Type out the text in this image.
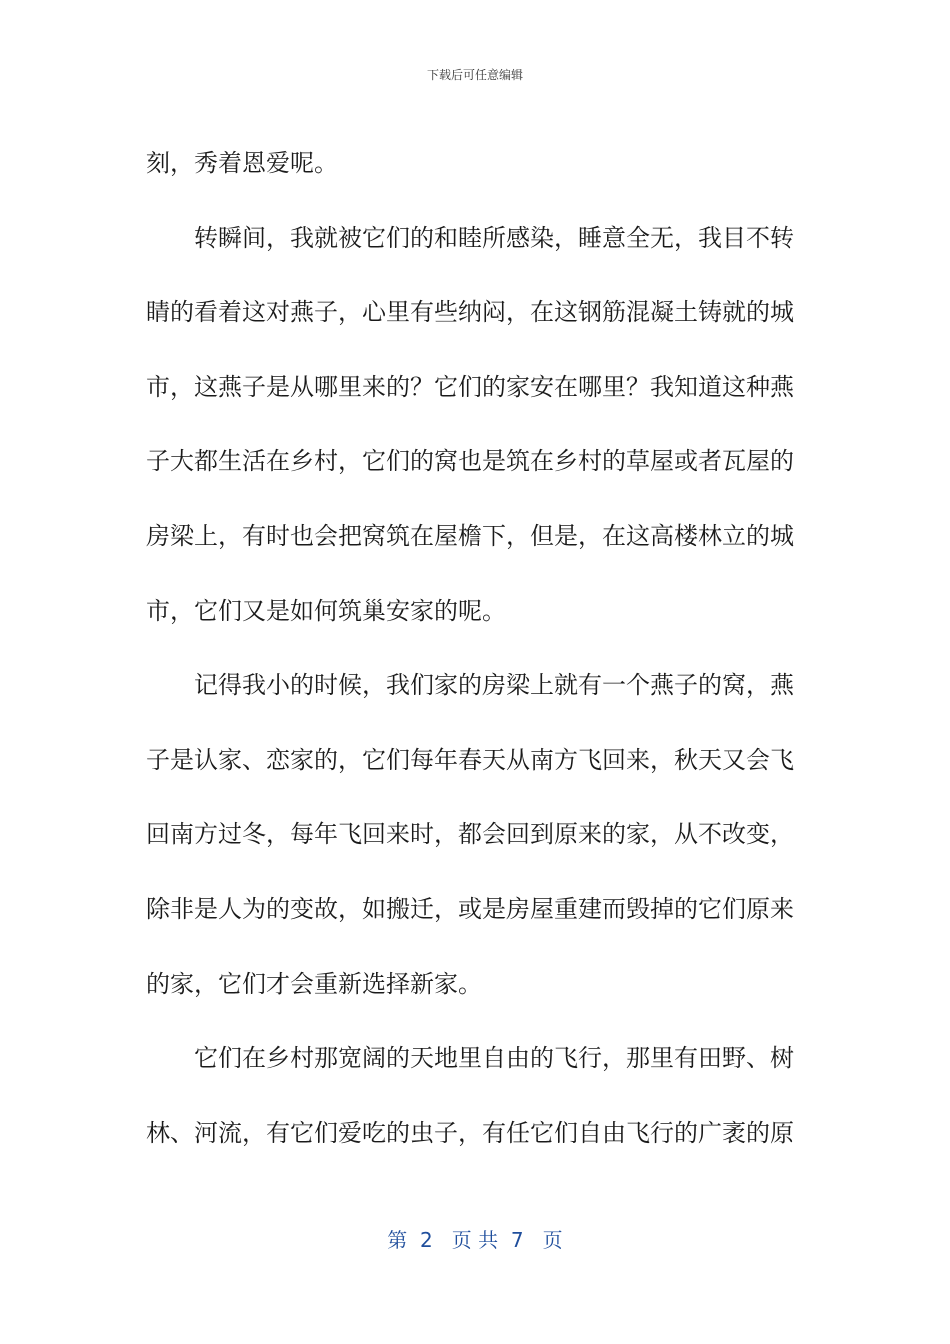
下载后可任意编辑
刻，秀着恩爱呢。
　　转瞬间，我就被它们的和睦所感染，睡意全无，我目不转
睛的看着这对燕子，心里有些纳闷，在这钢筋混凝土铸就的城
市，这燕子是从哪里来的？它们的家安在哪里？我知道这种燕
子大都生活在乡村，它们的窝也是筑在乡村的草屋或者瓦屋的
房梁上，有时也会把窝筑在屋檐下，但是，在这高楼林立的城
市，它们又是如何筑巢安家的呢。
　　记得我小的时候，我们家的房梁上就有一个燕子的窝，燕
子是认家、恋家的，它们每年春天从南方飞回来，秋天又会飞
回南方过冬，每年飞回来时，都会回到原来的家，从不改变，
除非是人为的变故，如搬迁，或是房屋重建而毁掉的它们原来
的家，它们才会重新选择新家。
　　它们在乡村那宽阔的天地里自由的飞行，那里有田野、树
林、河流，有它们爱吃的虫子，有任它们自由飞行的广袤的原
第  2   页 共  7   页
